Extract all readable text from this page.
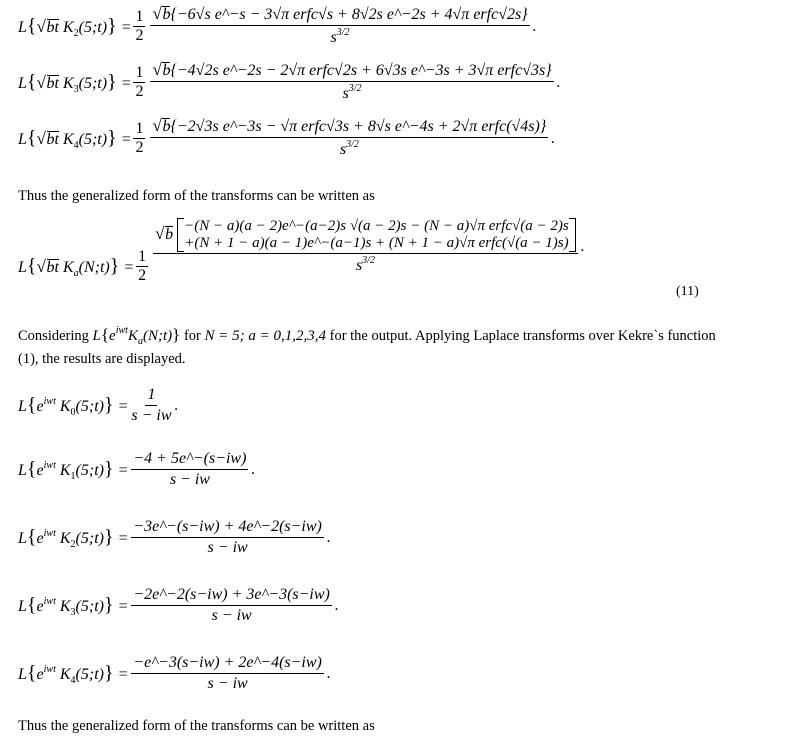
L{ √ bt $K_2(5;t)\} = \frac{1}{2}$ √ $\frac{\text{b\{−6√s e\textasciicircum{}−s − 3√π erfc√s + 8√2s e\textasciicircum{}−2s + 4√π erfc√2s\}}}{s^{3/2}}$ .
L{ √ bt $K_3(5;t)\} = \frac{1}{2}$ √ $\frac{\text{b\{−4√2s e\textasciicircum{}−2s − 2√π erfc√2s + 6√3s e\textasciicircum{}−3s + 3√π erfc√3s\}}}{s^{3/2}}$ .
L{ √ bt $K_4(5;t)\} = \frac{1}{2}$ √ $\frac{\text{b\{−2√3s e\textasciicircum{}−3s − √π erfc√3s + 8√s e\textasciicircum{}−4s + 2√π erfc(√4s)\}}}{s^{3/2}}$ .
Thus the generalized form of the transforms can be written as
L{ √ bt $K_a(N;t)\} = \frac{1}{2}$
√ b −(N − a)(a − 2)e^−(a−2)s √(a − 2)s − (N − a)√π erfc√(a − 2)s
+(N + 1 − a)(a − 1)e^−(a−1)s + (N + 1 − a)√π erfc(√(a − 1)s)
$s^{3/2}$
.
(11)
Considering $L\{e^{iwt}K_a(N;t)\}$ for N = 5; a = 0,1,2,3,4 for the output. Applying Laplace transforms over Kekre`s function
(1), the results are displayed.
$L\{e^{iwt}$ $K_0(5;t)\} = \frac{1}{s - iw}$ .
$L\{e^{iwt}$ $K_1(5;t)\} = \frac{-4 + 5e\^{}-(s-iw)}{s - iw}$ .
$L\{e^{iwt}$ $K_2(5;t)\} = \frac{-3e\^{}-(s-iw) + 4e\^{}-2(s-iw)}{s - iw}$ .
$L\{e^{iwt}$ $K_3(5;t)\} = \frac{-2e\^{}-2(s-iw) + 3e\^{}-3(s-iw)}{s - iw}$ .
$L\{e^{iwt}$ $K_4(5;t)\} = \frac{-e\^{}-3(s-iw) + 2e\^{}-4(s-iw)}{s - iw}$ .
Thus the generalized form of the transforms can be written as
